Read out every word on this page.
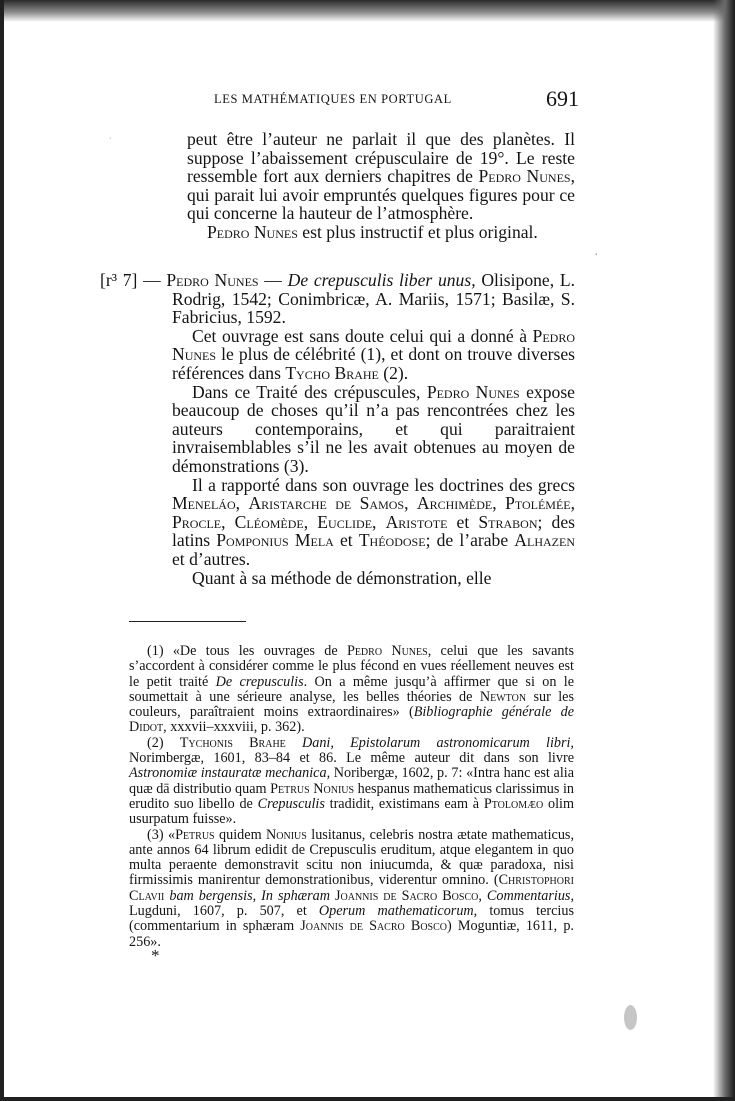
LES MATHÉMATIQUES EN PORTUGAL	691

peut être l’auteur ne parlait il que des planètes. Il suppose l’abaissement crépusculaire de 19°. Le reste ressemble fort aux derniers chapitres de Pedro Nunes, qui parait lui avoir empruntés quelques figures pour ce qui concerne la hauteur de l’atmosphère.

Pedro Nunes est plus instructif et plus original.

[r³ 7] — Pedro Nunes — De crepusculis liber unus, Olisipone, L. Rodrig, 1542; Conimbricæ, A. Mariis, 1571; Basilæ, S. Fabricius, 1592.

Cet ouvrage est sans doute celui qui a donné à Pedro Nunes le plus de célébrité (1), et dont on trouve diverses références dans Tycho Brahe (2).

Dans ce Traité des crépuscules, Pedro Nunes expose beaucoup de choses qu’il n’a pas rencontrées chez les auteurs contemporains, et qui paraitraient invraisemblables s’il ne les avait obtenues au moyen de démonstrations (3).

Il a rapporté dans son ouvrage les doctrines des grecs Meneláo, Aristarche de Samos, Archimède, Ptolémée, Procle, Cléomède, Euclide, Aristote et Strabon; des latins Pomponius Mela et Théodose; de l’arabe Alhazen et d’autres.

Quant à sa méthode de démonstration, elle

(1) «De tous les ouvrages de Pedro Nunes, celui que les savants s’accordent à considérer comme le plus fécond en vues réellement neuves est le petit traité De crepusculis. On a même jusqu’à affirmer que si on le soumettait à une sérieure analyse, les belles théories de Newton sur les couleurs, paraîtraient moins extraordinaires» (Bibliographie générale de Didot, xxxvii–xxxviii, p. 362).

(2) Tychonis Brahe Dani, Epistolarum astronomicarum libri, Norimbergæ, 1601, 83–84 et 86. Le même auteur dit dans son livre Astronomiæ instauratæ mechanica, Noribergæ, 1602, p. 7: «Intra hanc est alia quæ dā distributio quam Petrus Nonius hespanus mathematicus clarissimus in erudito suo libello de Crepusculis tradidit, existimans eam à Ptolomæo olim usurpatum fuisse».

(3) «Petrus quidem Nonius lusitanus, celebris nostra ætate mathematicus, ante annos 64 librum edidit de Crepusculis eruditum, atque elegantem in quo multa peraente demonstravit scitu non iniucumda, & quæ paradoxa, nisi firmissimis manirentur demonstrationibus, viderentur omnino. (Christophori Clavii bam bergensis, In sphæram Joannis de Sacro Bosco, Commentarius, Lugduni, 1607, p. 507, et Operum mathematicorum, tomus tercius (commentarium in sphæram Joannis de Sacro Bosco) Moguntiæ, 1611, p. 256».

*
·
·
